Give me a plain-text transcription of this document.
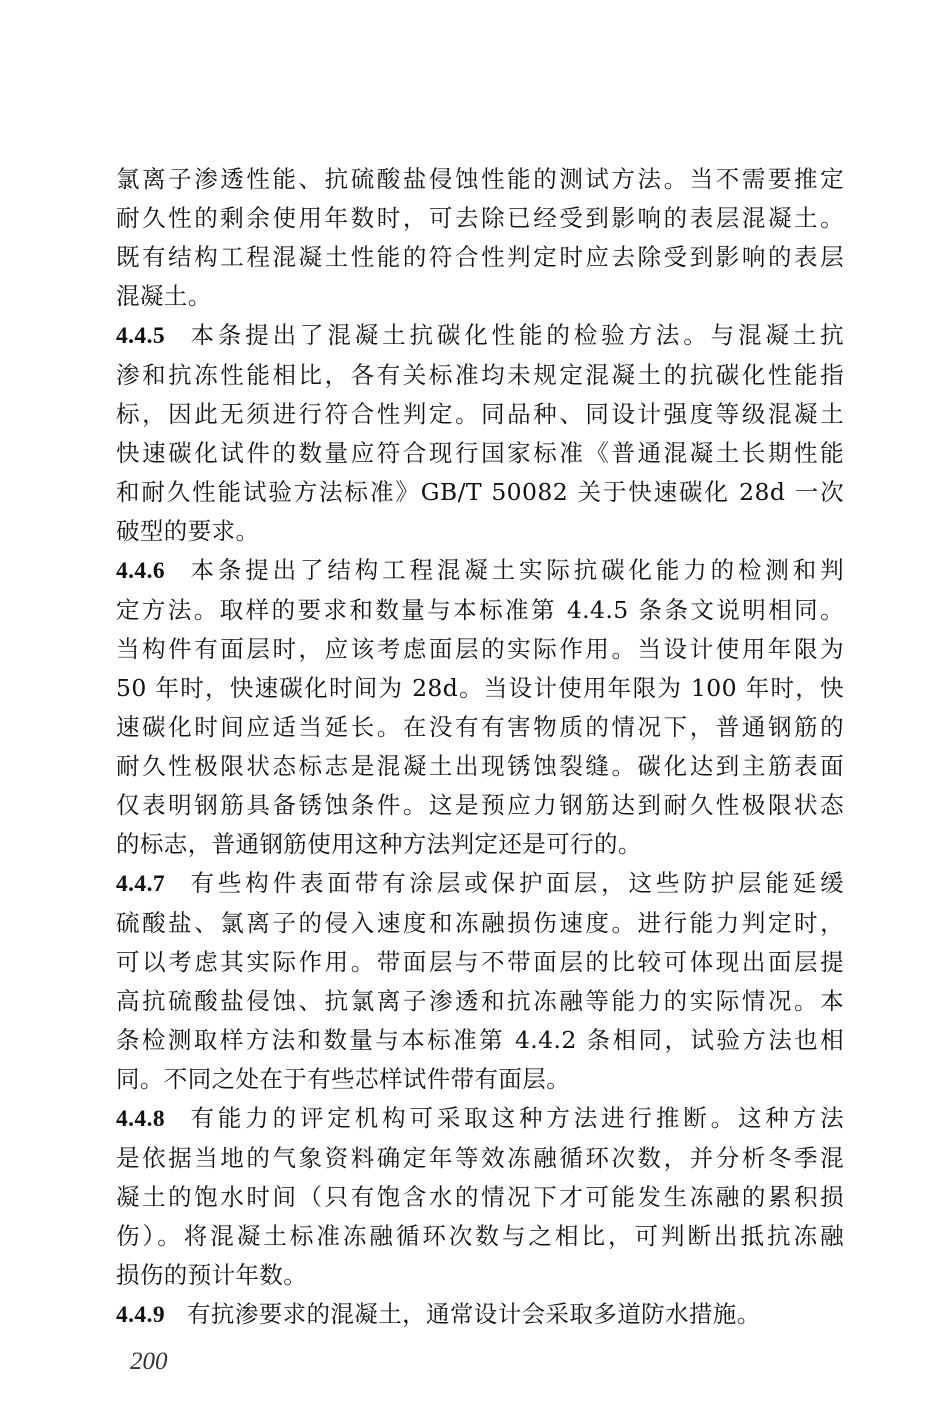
氯离子渗透性能、抗硫酸盐侵蚀性能的测试方法。当不需要推定
耐久性的剩余使用年数时，可去除已经受到影响的表层混凝土。
既有结构工程混凝土性能的符合性判定时应去除受到影响的表层
混凝土。
4.4.5 本条提出了混凝土抗碳化性能的检验方法。与混凝土抗
渗和抗冻性能相比，各有关标准均未规定混凝土的抗碳化性能指
标，因此无须进行符合性判定。同品种、同设计强度等级混凝土
快速碳化试件的数量应符合现行国家标准《普通混凝土长期性能
和耐久性能试验方法标准》GB/T 50082 关于快速碳化 28d 一次
破型的要求。
4.4.6 本条提出了结构工程混凝土实际抗碳化能力的检测和判
定方法。取样的要求和数量与本标准第 4.4.5 条条文说明相同。
当构件有面层时，应该考虑面层的实际作用。当设计使用年限为
50 年时，快速碳化时间为 28d。当设计使用年限为 100 年时，快
速碳化时间应适当延长。在没有有害物质的情况下，普通钢筋的
耐久性极限状态标志是混凝土出现锈蚀裂缝。碳化达到主筋表面
仅表明钢筋具备锈蚀条件。这是预应力钢筋达到耐久性极限状态
的标志，普通钢筋使用这种方法判定还是可行的。
4.4.7 有些构件表面带有涂层或保护面层，这些防护层能延缓
硫酸盐、氯离子的侵入速度和冻融损伤速度。进行能力判定时，
可以考虑其实际作用。带面层与不带面层的比较可体现出面层提
高抗硫酸盐侵蚀、抗氯离子渗透和抗冻融等能力的实际情况。本
条检测取样方法和数量与本标准第 4.4.2 条相同，试验方法也相
同。不同之处在于有些芯样试件带有面层。
4.4.8 有能力的评定机构可采取这种方法进行推断。这种方法
是依据当地的气象资料确定年等效冻融循环次数，并分析冬季混
凝土的饱水时间（只有饱含水的情况下才可能发生冻融的累积损
伤）。将混凝土标准冻融循环次数与之相比，可判断出抵抗冻融
损伤的预计年数。
4.4.9 有抗渗要求的混凝土，通常设计会采取多道防水措施。
200
